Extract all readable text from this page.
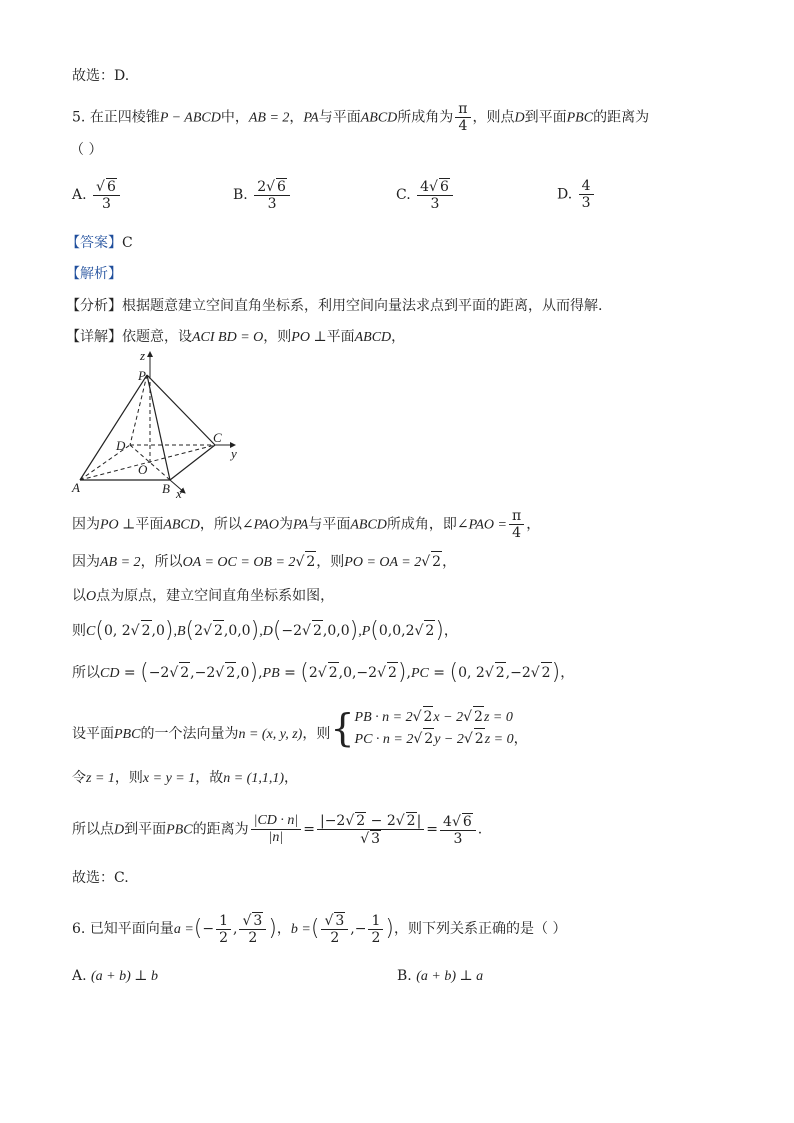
故选：D.
5. 在正四棱锥P − ABCD中，AB = 2，PA与平面ABCD所成角为 $\frac{\pi}{4}$ ，则点D到平面PBC的距离为
（ ）
A. $\frac{√ 6}{3}$	B. $\frac{2√ 6}{3}$	C. $\frac{4√ 6}{3}$	D. $\frac{4}{3}$
【答案】C
【解析】
【分析】根据题意建立空间直角坐标系，利用空间向量法求点到平面的距离，从而得解.
【详解】依题意，设ACI BD = O，则PO ⊥平面ABCD，
z
P
D
C
y
O
A	B x
因为PO ⊥平面ABCD，所以∠PAO为PA与平面ABCD所成角，即∠PAO = $\frac{\pi}{4}$ ，
因为AB = 2，所以OA = OC = OB = 2√ 2，则PO = OA = 2√ 2，
以O点为原点，建立空间直角坐标系如图，
则C(0, 2√ 2,0),B(2√ 2,0,0),D(−2√ 2,0,0),P(0,0,2√ 2)，
所以CD = (−2√ 2,−2√ 2,0),PB = (2√ 2,0,−2√ 2),PC = (0, 2√ 2,−2√ 2)，
设平面PBC的一个法向量为n = (x, y, z)，则{ PB · n = 2√ 2x − 2√ 2z = 0
PC · n = 2√ 2y − 2√ 2z = 0，
令z = 1，则x = y = 1，故n = (1,1,1)，
所以点D到平面PBC的距离为 $\frac{|CD \cdot n|}{|n|} = \frac{|-2√ 2 - 2√ 2|}{√ 3} = \frac{4√ 6}{3}$ .
故选：C.
6. 已知平面向量a =(− $\frac{1}{2}$ , $\frac{√ 3}{2}$ )，b =( $\frac{√ 3}{2}$ ,− $\frac{1}{2}$ )，则下列关系正确的是（ ）
A. (a + b) ⊥ b	B. (a + b) ⊥ a
